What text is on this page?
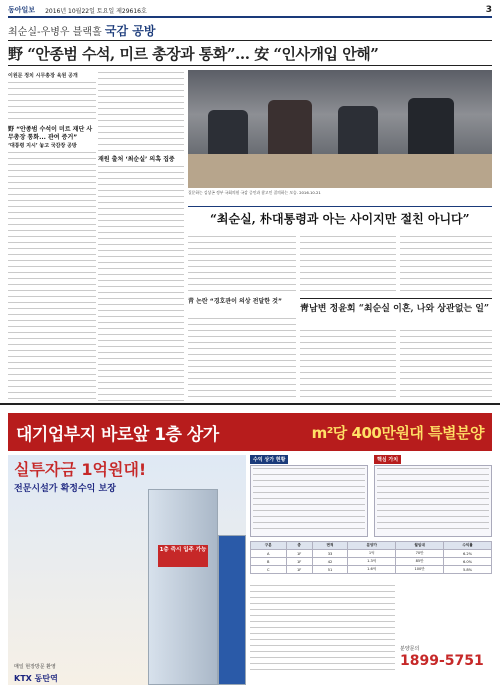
동아일보 2016년 10월22일 토요일 제29616호	3
최순실-우병우 블랙홀 국감 공방
野 “안종범 수석, 미르 총장과 통화”… 安 “인사개입 안해”
이원문 정치 시무총장 육원 공개
野 “안종범 수석이 미르 재단 사무총장 통화... 관여 증거”
‘대통령 지시’ 놓고 국감장 공방
재원 출처 ‘최순실’ 의혹 집중
질문하는 김상곤 정부 국회의원 국감 증인과 참고인 질의하는 모습. 2016.10.21
“최순실, 朴대통령과 아는 사이지만 절친 아니다”
靑 논란 “경호관이 의상 전달한 것”
靑남변 정윤회 “최순실 이혼, 나와 상관없는 일”
대기업부지 바로앞 1층 상가	m²당 400만원대 특별분양
실투자금 1억원대!
전문시설가 확정수익 보장
1층 즉시 입주 가능
매일 현장방문 환영
KTX 동탄역
수익 상가 현황	핵심 가치
구분	층	면적	분양가	월임대	수익률
A	1F	33	1억	70만	6.2%
B	1F	42	1.3억	85만	6.0%
C	1F	51	1.6억	100만	5.8%
분양문의
1899-5751
